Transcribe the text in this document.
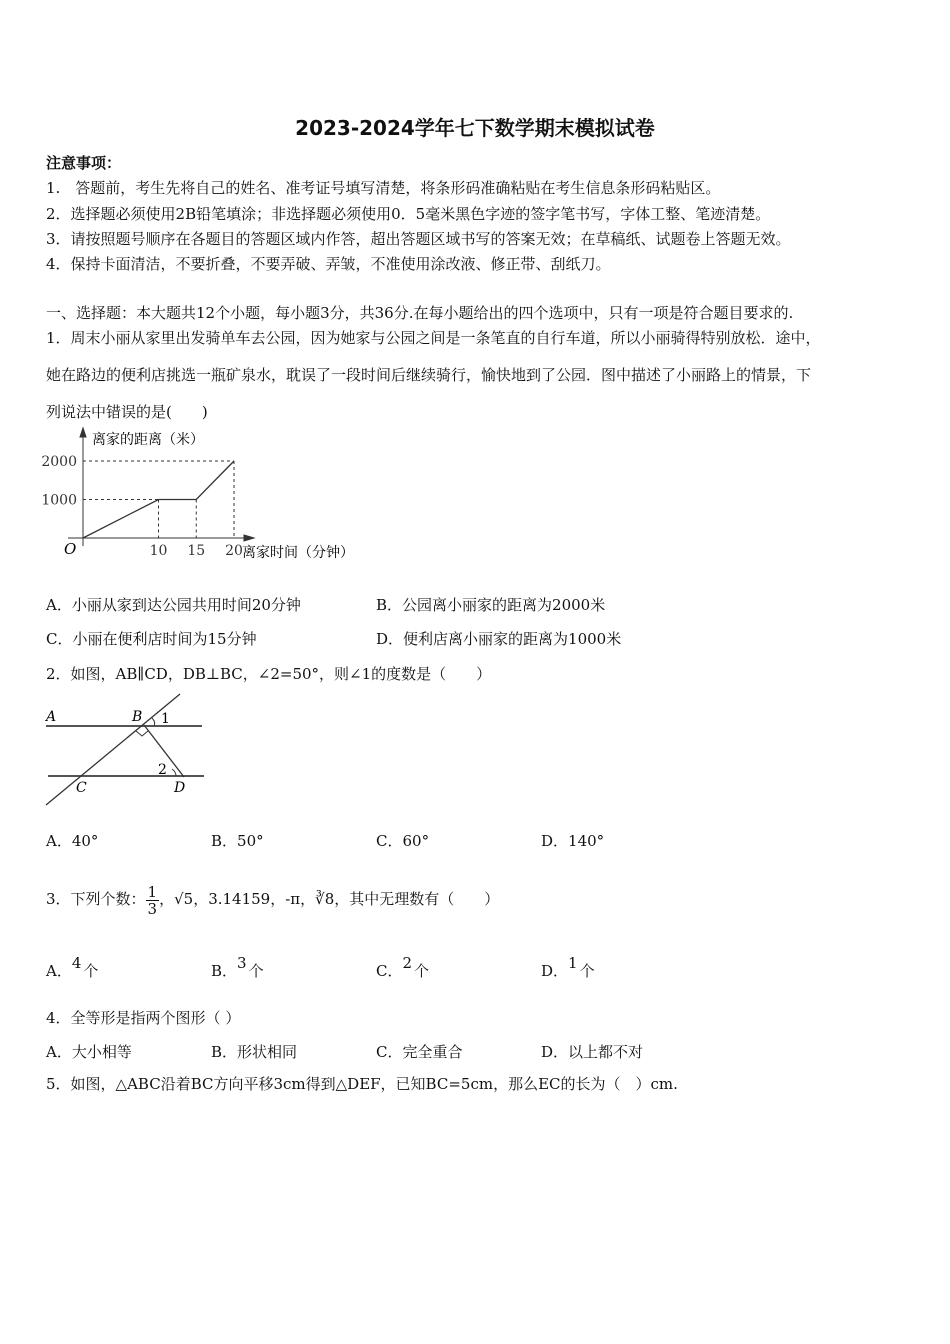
2023-2024学年七下数学期末模拟试卷
注意事项：
1.　答题前，考生先将自己的姓名、准考证号填写清楚，将条形码准确粘贴在考生信息条形码粘贴区。
2．选择题必须使用2B铅笔填涂；非选择题必须使用0．5毫米黑色字迹的签字笔书写，字体工整、笔迹清楚。
3．请按照题号顺序在各题目的答题区域内作答，超出答题区域书写的答案无效；在草稿纸、试题卷上答题无效。
4．保持卡面清洁，不要折叠，不要弄破、弄皱，不准使用涂改液、修正带、刮纸刀。
一、选择题：本大题共12个小题，每小题3分，共36分.在每小题给出的四个选项中，只有一项是符合题目要求的.
1．周末小丽从家里出发骑单车去公园，因为她家与公园之间是一条笔直的自行车道，所以小丽骑得特别放松．途中，
她在路边的便利店挑选一瓶矿泉水，耽误了一段时间后继续骑行，愉快地到了公园．图中描述了小丽路上的情景，下
列说法中错误的是(　　)
离家的距离（米）
离家时间（分钟）
O	10 15 20
1000
2000
A．小丽从家到达公园共用时间20分钟	B．公园离小丽家的距离为2000米
C．小丽在便利店时间为15分钟	D．便利店离小丽家的距离为1000米
2．如图，AB∥CD，DB⊥BC，∠2=50°，则∠1的度数是（　　）
A	B 1
2
C	D
A．40°	B．50°	C．60°	D．140°
3．下列个数： $\frac{1}{3}$ ，√5，3.14159，-π，∛8，其中无理数有（　　）
A．4 个	B．3 个	C．2 个	D．1 个
4．全等形是指两个图形（ ）
A．大小相等	B．形状相同	C．完全重合	D．以上都不对
5．如图，△ABC沿着BC方向平移3cm得到△DEF，已知BC=5cm，那么EC的长为（　）cm.
